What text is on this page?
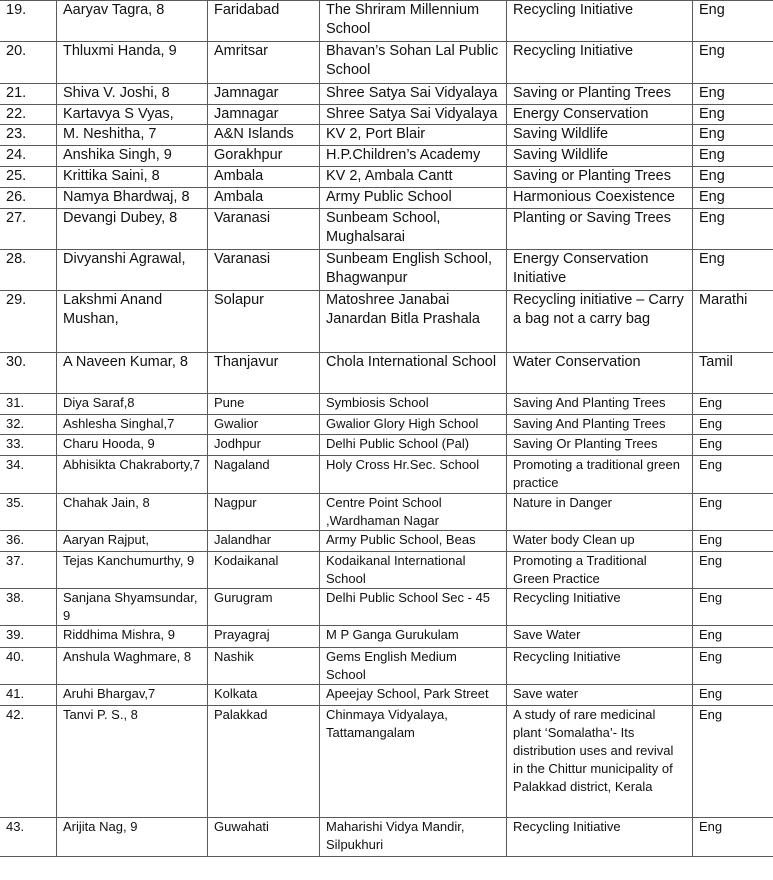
19.	Aaryav Tagra, 8	Faridabad	The Shriram Millennium School	Recycling Initiative	Eng
20.	Thluxmi Handa, 9	Amritsar	Bhavan’s Sohan Lal Public School	Recycling Initiative	Eng
21.	Shiva V. Joshi, 8	Jamnagar	Shree Satya Sai Vidyalaya	Saving or Planting Trees	Eng
22.	Kartavya S Vyas,	Jamnagar	Shree Satya Sai Vidyalaya	Energy Conservation	Eng
23.	M. Neshitha, 7	A&N Islands	KV 2, Port Blair	Saving Wildlife	Eng
24.	Anshika Singh, 9	Gorakhpur	H.P.Children’s Academy	Saving Wildlife	Eng
25.	Krittika Saini, 8	Ambala	KV 2, Ambala Cantt	Saving or Planting Trees	Eng
26.	Namya Bhardwaj, 8	Ambala	Army Public School	Harmonious Coexistence	Eng
27.	Devangi Dubey, 8	Varanasi	Sunbeam School, Mughalsarai	Planting or Saving Trees	Eng
28.	Divyanshi Agrawal,	Varanasi	Sunbeam English School, Bhagwanpur	Energy Conservation Initiative	Eng
29.	Lakshmi Anand Mushan,	Solapur	Matoshree Janabai Janardan Bitla Prashala	Recycling initiative – Carry a bag not a carry bag	Marathi
30.	A Naveen Kumar, 8	Thanjavur	Chola International School	Water Conservation	Tamil
31.	Diya Saraf,8	Pune	Symbiosis School	Saving And Planting Trees	Eng
32.	Ashlesha Singhal,7	Gwalior	Gwalior Glory High School	Saving And Planting Trees	Eng
33.	Charu Hooda, 9	Jodhpur	Delhi Public School (Pal)	Saving Or Planting Trees	Eng
34.	Abhisikta Chakraborty,7	Nagaland	Holy Cross Hr.Sec. School	Promoting a traditional green practice	Eng
35.	Chahak Jain, 8	Nagpur	Centre Point School ,Wardhaman Nagar	Nature in Danger	Eng
36.	Aaryan Rajput,	Jalandhar	Army Public School, Beas	Water body Clean up	Eng
37.	Tejas Kanchumurthy, 9	Kodaikanal	Kodaikanal International School	Promoting a Traditional Green Practice	Eng
38.	Sanjana Shyamsundar, 9	Gurugram	Delhi Public School Sec - 45	Recycling Initiative	Eng
39.	Riddhima Mishra, 9	Prayagraj	M P Ganga Gurukulam	Save Water	Eng
40.	Anshula Waghmare, 8	Nashik	Gems English Medium School	Recycling Initiative	Eng
41.	Aruhi Bhargav,7	Kolkata	Apeejay School, Park Street	Save water	Eng
42.	Tanvi P. S., 8	Palakkad	Chinmaya Vidyalaya, Tattamangalam	A study of rare medicinal plant ‘Somalatha’- Its distribution uses and revival in the Chittur municipality of Palakkad district, Kerala	Eng
43.	Arijita Nag, 9	Guwahati	Maharishi Vidya Mandir, Silpukhuri	Recycling Initiative	Eng
